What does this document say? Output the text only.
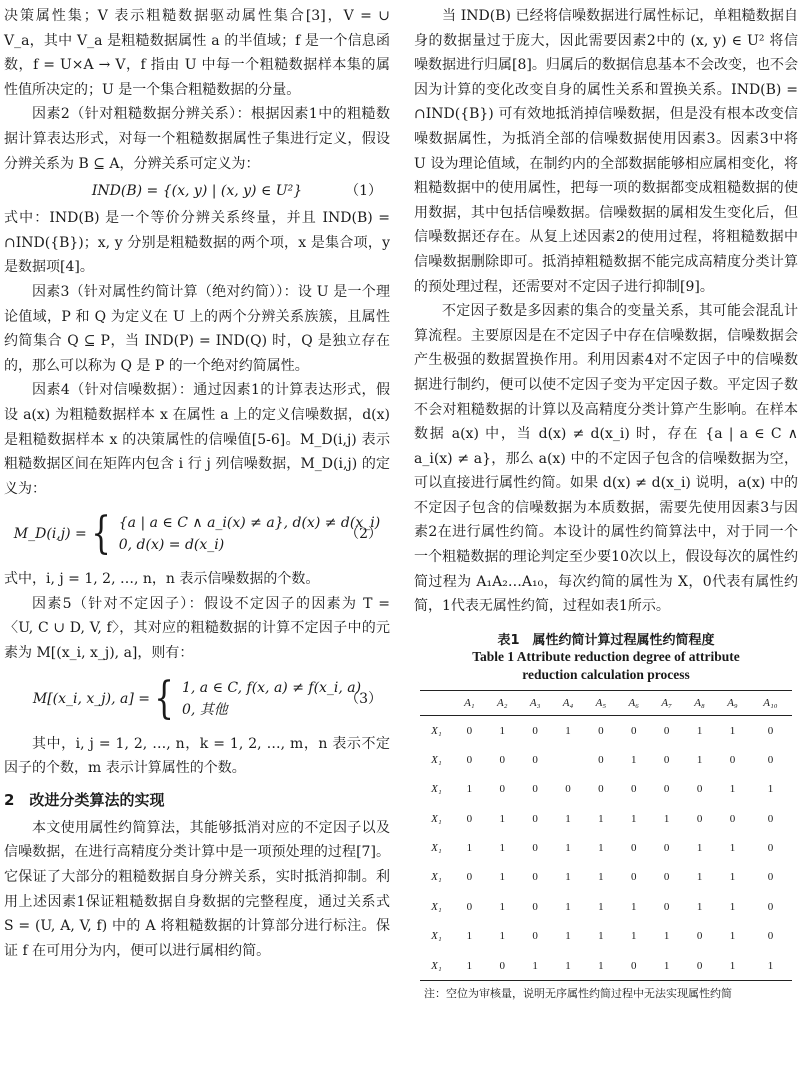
决策属性集；V 表示粗糙数据驱动属性集合[3]，V = ∪ V_a，其中 V_a 是粗糙数据属性 a 的半值域；f 是一个信息函数，f = U×A → V，f 指由 U 中每一个粗糙数据样本集的属性值所决定的；U 是一个集合粗糙数据的分量。

因素2（针对粗糙数据分辨关系）：根据因素1中的粗糙数据计算表达形式，对每一个粗糙数据属性子集进行定义，假设分辨关系为 B ⊆ A，分辨关系可定义为：

IND(B) = {(x, y) | (x, y) ∈ U²}	（1）

式中：IND(B) 是一个等价分辨关系终量，并且 IND(B) = ∩IND({B})；x, y 分别是粗糙数据的两个项，x 是集合项，y 是数据项[4]。

因素3（针对属性约简计算（绝对约简））：设 U 是一个理论值域，P 和 Q 为定义在 U 上的两个分辨关系族簇，且属性约简集合 Q ⊆ P，当 IND(P) = IND(Q) 时，Q 是独立存在的，那么可以称为 Q 是 P 的一个绝对约简属性。

因素4（针对信噪数据）：通过因素1的计算表达形式，假设 a(x) 为粗糙数据样本 x 在属性 a 上的定义信噪数据，d(x) 是粗糙数据样本 x 的决策属性的信噪值[5-6]。M_D(i,j) 表示粗糙数据区间在矩阵内包含 i 行 j 列信噪数据，M_D(i,j) 的定义为：

M_D(i,j) = { {a | a ∈ C ∧ a_i(x) ≠ a}, d(x) ≠ d(x_i)
0, d(x) = d(x_i)
（2）

式中，i, j = 1, 2, …, n，n 表示信噪数据的个数。

因素5（针对不定因子）：假设不定因子的因素为 T = 〈U, C ∪ D, V, f〉，其对应的粗糙数据的计算不定因子中的元素为 M[(x_i, x_j), a]，则有：

M[(x_i, x_j), a] = { 1, a ∈ C, f(x, a) ≠ f(x_i, a)
0, 其他
（3）

其中，i, j = 1, 2, …, n，k = 1, 2, …, m，n 表示不定因子的个数，m 表示计算属性的个数。

2　改进分类算法的实现

本文使用属性约简算法，其能够抵消对应的不定因子以及信噪数据，在进行高精度分类计算中是一项预处理的过程[7]。它保证了大部分的粗糙数据自身分辨关系，实时抵消抑制。利用上述因素1保证粗糙数据自身数据的完整程度，通过关系式 S = (U, A, V, f) 中的 A 将粗糙数据的计算部分进行标注。保证 f 在可用分为内，便可以进行属相约简。

当 IND(B) 已经将信噪数据进行属性标记，单粗糙数据自身的数据量过于庞大，因此需要因素2中的 (x, y) ∈ U² 将信噪数据进行归属[8]。归属后的数据信息基本不会改变，也不会因为计算的变化改变自身的属性关系和置换关系。IND(B) = ∩IND({B}) 可有效地抵消掉信噪数据，但是没有根本改变信噪数据属性，为抵消全部的信噪数据使用因素3。因素3中将 U 设为理论值域，在制约内的全部数据能够相应属相变化，将粗糙数据中的使用属性，把每一项的数据都变成粗糙数据的使用数据，其中包括信噪数据。信噪数据的属相发生变化后，但信噪数据还存在。从复上述因素2的使用过程，将粗糙数据中信噪数据删除即可。抵消掉粗糙数据不能完成高精度分类计算的预处理过程，还需要对不定因子进行抑制[9]。

不定因子数是多因素的集合的变量关系，其可能会混乱计算流程。主要原因是在不定因子中存在信噪数据，信噪数据会产生极强的数据置换作用。利用因素4对不定因子中的信噪数据进行制约，便可以使不定因子变为平定因子数。平定因子数不会对粗糙数据的计算以及高精度分类计算产生影响。在样本数据 a(x) 中，当 d(x) ≠ d(x_i) 时，存在 {a | a ∈ C ∧ a_i(x) ≠ a}，那么 a(x) 中的不定因子包含的信噪数据为空，可以直接进行属性约简。如果 d(x) ≠ d(x_i) 说明，a(x) 中的不定因子包含的信噪数据为本质数据，需要先使用因素3与因素2在进行属性约简。本设计的属性约简算法中，对于同一个一个粗糙数据的理论判定至少要10次以上，假设每次的属性约简过程为 A₁A₂…A₁₀，每次约简的属性为 X，0代表有属性约简，1代表无属性约简，过程如表1所示。

表1　属性约简计算过程属性约简程度
Table 1 Attribute reduction degree of attribute
reduction calculation process
	A₁	A₂	A₃	A₄	A₅	A₆	A₇	A₈	A₉	A₁₀
X₁	0	1	0	1	0	0	0	1	1	0
X₁	0	0	0		0	1	0	1	0	0
X₁	1	0	0	0	0	0	0	0	1	1
X₁	0	1	0	1	1	1	1	0	0	0
X₁	1	1	0	1	1	0	0	1	1	0
X₁	0	1	0	1	1	0	0	1	1	0
X₁	0	1	0	1	1	1	0	1	1	0
X₁	1	1	0	1	1	1	1	0	1	0
X₁	1	0	1	1	1	0	1	0	1	1
注：空位为审核量，说明无序属性约简过程中无法实现属性约简
